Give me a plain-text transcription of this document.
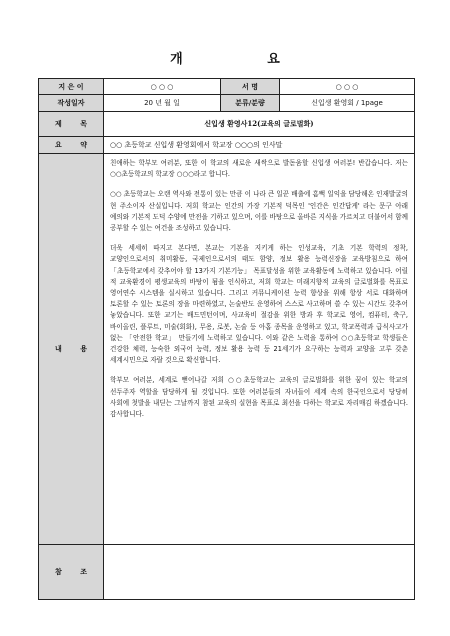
개 요
지 은 이	○ ○ ○	서 명	○ ○ ○
작성일자	20 년 월 일	분류/분량	신입생 환영회 / 1page
제 목	신입생 환영사12(교육의 글로벌화)		
요 약	○○ 초등학교 신입생 환영회에서 학교장 ○○○의 인사말		
내 용	친애하는 학부모 여러분, 또한 이 학교의 새로운 새싹으로 발돋움할 신입생 여러분! 반갑습니다. 저는 ○○초등학교의 학교장 ○○○라고 합니다.

○○ 초등학교는 오랜 역사와 전통이 있는 만큼 이 나라 큰 일꾼 배출에 흠뻑 일익을 담당해온 인재발굴의 현 주소이자 산실입니다. 저희 학교는 인간의 가장 기본적 덕목인 '인간은 인간답게' 라는 문구 아래 예의와 기본적 도덕 수양에 만전을 기하고 있으며, 이를 바탕으로 올바른 지식을 가르치고 더불어서 함께 공부할 수 있는 여건을 조성하고 있습니다.

더욱 세세히 따지고 본다면, 본교는 기본을 지키게 하는 인성교육, 기초 기본 학력의 정착, 교양인으로서의 취미활동, 국제인으로서의 태도 함양, 정보 활용 능력신장을 교육방침으로 하여 「초등학교에서 갖추어야 할 13가지 기본기능」 목표달성을 위한 교육활동에 노력하고 있습니다. 어릴 적 교육환경이 평생교육의 바탕이 됨을 인식하고, 저희 학교는 미래지향적 교육의 글로벌화를 목표로 영어연수 시스템을 실시하고 있습니다. 그리고 커뮤니케이션 능력 향상을 위해 항상 서로 대화하며 토론할 수 있는 토론의 장을 마련하였고, 논술반도 운영하여 스스로 사고하며 쓸 수 있는 시간도 갖추어 놓았습니다. 또한 교기는 배드민턴이며, 사교육비 절감을 위한 방과 후 학교로 영어, 컴퓨터, 축구, 바이올린, 플루트, 미술(회화), 무용, 로봇, 논술 등 아홉 종목을 운영하고 있고, 학교폭력과 급식사고가 없는 「안전한 학교」 만들기에 노력하고 있습니다. 이와 같은 노력을 통하여 ○○초등학교 학생들은 건강한 체력, 능숙한 외국어 능력, 정보 활용 능력 등 21세기가 요구하는 능력과 교양을 고루 갖춘 세계시민으로 자랄 것으로 확신합니다.

학부모 여러분, 세계로 뻗어나갈 저희 ○○초등학교는 교육의 글로벌화를 위한 꿈이 있는 학교의 선두주자 역할을 담당하게 될 것입니다. 또한 여러분들의 자녀들이 세계 속의 한국인으로서 당당히 사회에 첫발을 내딛는 그날까지 참된 교육의 실현을 목표로 최선을 다하는 학교로 자리매김 하겠습니다. 감사합니다.		

참 조			
